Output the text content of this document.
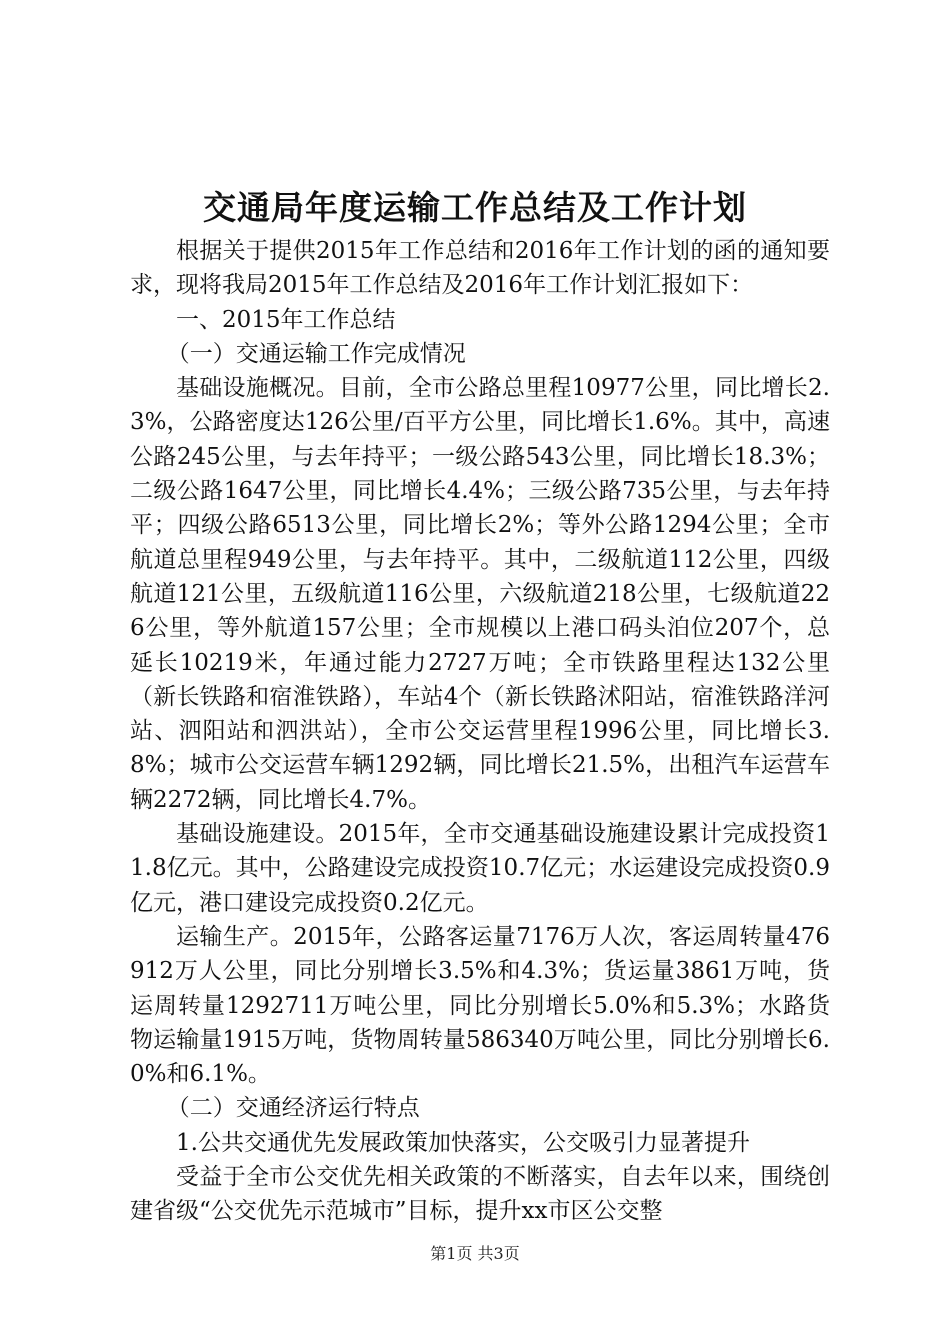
交通局年度运输工作总结及工作计划

根据关于提供2015年工作总结和2016年工作计划的函的通知要求，现将我局2015年工作总结及2016年工作计划汇报如下：

一、2015年工作总结

（一）交通运输工作完成情况

基础设施概况。目前，全市公路总里程10977公里，同比增长2.3%，公路密度达126公里/百平方公里，同比增长1.6%。其中，高速公路245公里，与去年持平；一级公路543公里，同比增长18.3%；二级公路1647公里，同比增长4.4%；三级公路735公里，与去年持平；四级公路6513公里，同比增长2%；等外公路1294公里；全市航道总里程949公里，与去年持平。其中，二级航道112公里，四级航道121公里，五级航道116公里，六级航道218公里，七级航道226公里，等外航道157公里；全市规模以上港口码头泊位207个，总延长10219米，年通过能力2727万吨；全市铁路里程达132公里（新长铁路和宿淮铁路），车站4个（新长铁路沭阳站，宿淮铁路洋河站、泗阳站和泗洪站），全市公交运营里程1996公里，同比增长3.8%；城市公交运营车辆1292辆，同比增长21.5%，出租汽车运营车辆2272辆，同比增长4.7%。

基础设施建设。2015年，全市交通基础设施建设累计完成投资11.8亿元。其中，公路建设完成投资10.7亿元；水运建设完成投资0.9亿元，港口建设完成投资0.2亿元。

运输生产。2015年，公路客运量7176万人次，客运周转量476912万人公里，同比分别增长3.5%和4.3%；货运量3861万吨，货运周转量1292711万吨公里，同比分别增长5.0%和5.3%；水路货物运输量1915万吨，货物周转量586340万吨公里，同比分别增长6.0%和6.1%。

（二）交通经济运行特点

1.公共交通优先发展政策加快落实，公交吸引力显著提升

受益于全市公交优先相关政策的不断落实，自去年以来，围绕创建省级“公交优先示范城市”目标，提升xx市区公交整

第1页 共3页
